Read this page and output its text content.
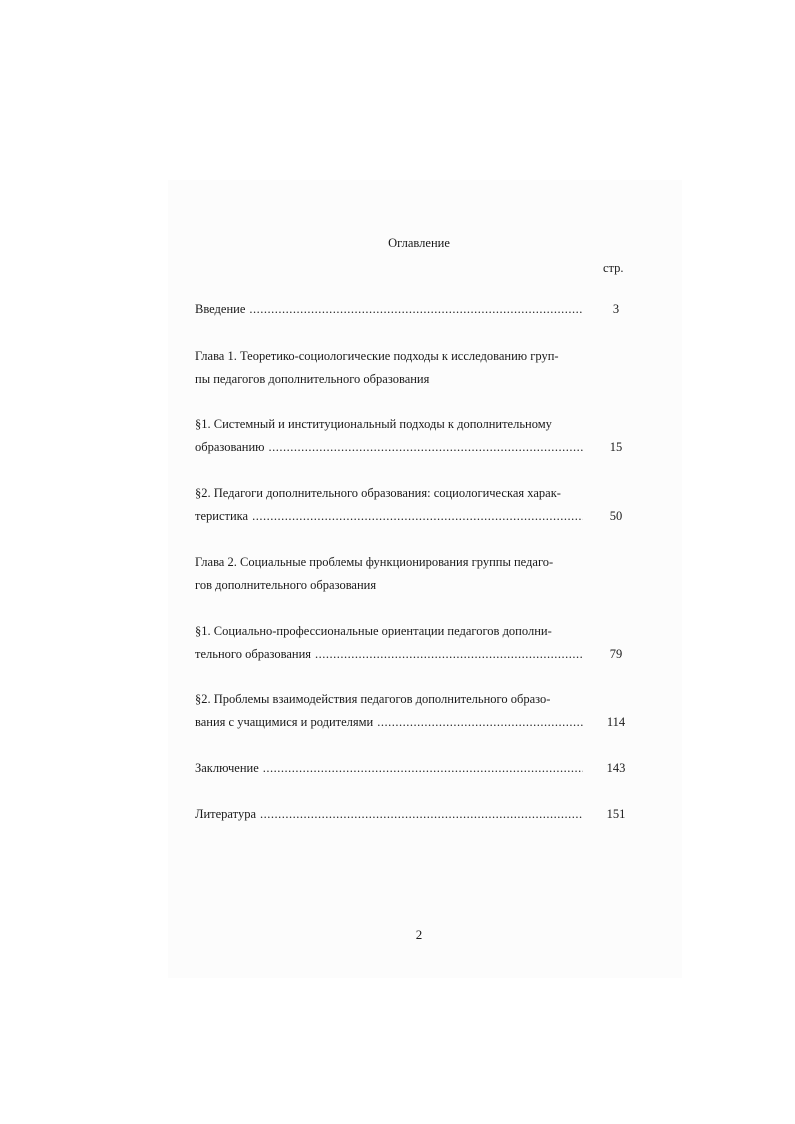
Оглавление
стр.
Введение .....	3
Глава 1. Теоретико-социологические подходы к исследованию груп-
пы педагогов дополнительного образования
§1. Системный и институциональный подходы к дополнительному
образованию .....	15
§2. Педагоги дополнительного образования: социологическая харак-
теристика .....	50
Глава 2. Социальные проблемы функционирования группы педаго-
гов дополнительного образования
§1. Социально-профессиональные ориентации педагогов дополни-
тельного образования .....	79
§2. Проблемы взаимодействия педагогов дополнительного образо-
вания с учащимися и родителями .....	114
Заключение .....	143
Литература .....	151
2
